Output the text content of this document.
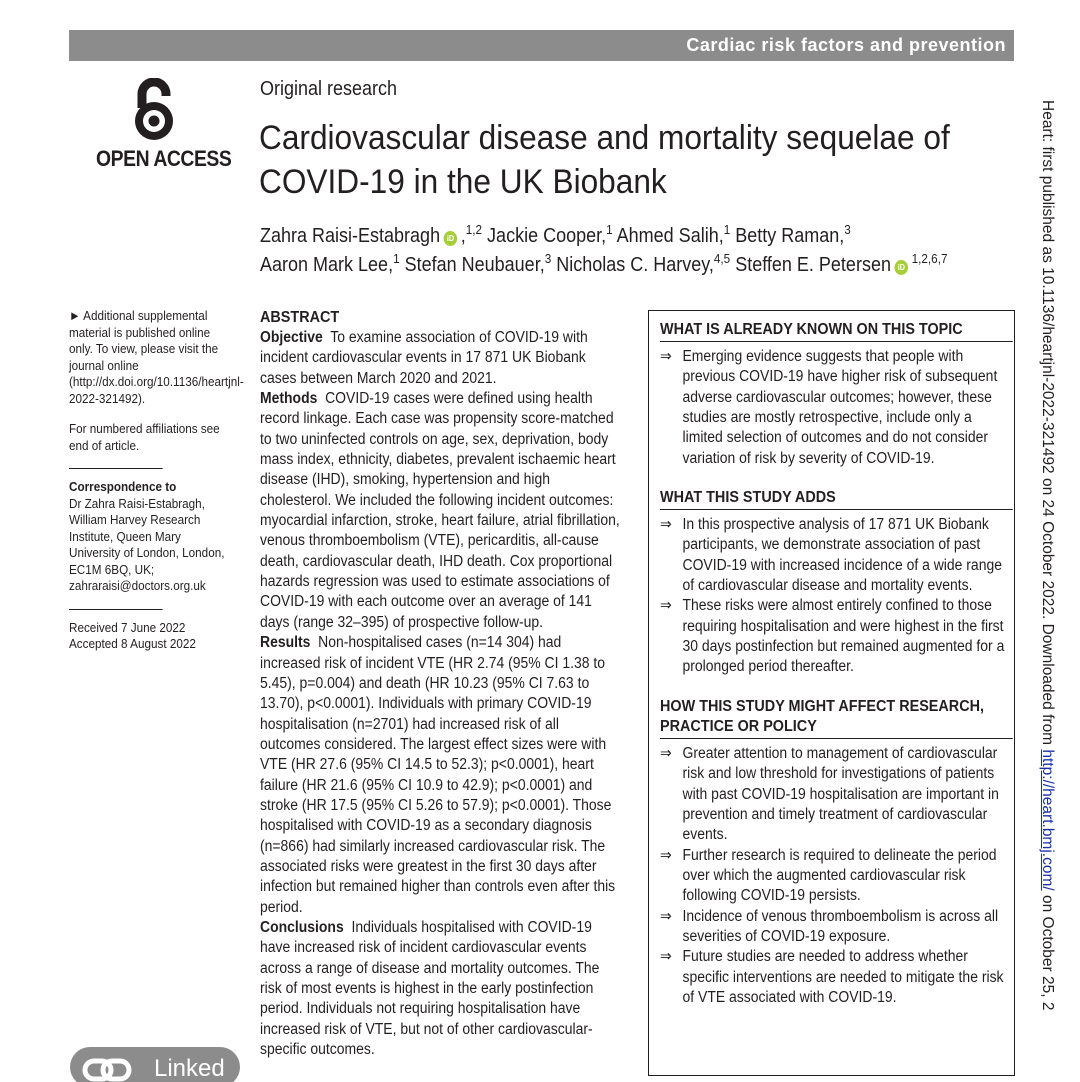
Cardiac risk factors and prevention
OPEN ACCESS
Original research
Cardiovascular disease and mortality sequelae of
COVID-19 in the UK Biobank
Zahra Raisi-Estabragh iD ,$^{1,2}$ Jackie Cooper,$^1$ Ahmed Salih,$^1$ Betty Raman,$^3$
Aaron Mark Lee,$^1$ Stefan Neubauer,$^3$ Nicholas C. Harvey,$^{4,5}$ Steffen E. Petersen iD$^{1,2,6,7}$

► Additional supplemental material is published online only. To view, please visit the journal online (http://dx.doi.org/10.1136/heartjnl-2022-321492).

For numbered affiliations see end of article.

Correspondence to

Dr Zahra Raisi-Estabragh, William Harvey Research Institute, Queen Mary University of London, London, EC1M 6BQ, UK; zahraraisi@doctors.org.uk

Received 7 June 2022
Accepted 8 August 2022
ABSTRACT
Objective  To examine association of COVID-19 with incident cardiovascular events in 17 871 UK Biobank cases between March 2020 and 2021.
Methods  COVID-19 cases were defined using health record linkage. Each case was propensity score-matched to two uninfected controls on age, sex, deprivation, body mass index, ethnicity, diabetes, prevalent ischaemic heart disease (IHD), smoking, hypertension and high cholesterol. We included the following incident outcomes: myocardial infarction, stroke, heart failure, atrial fibrillation, venous thromboembolism (VTE), pericarditis, all-cause death, cardiovascular death, IHD death. Cox proportional hazards regression was used to estimate associations of COVID-19 with each outcome over an average of 141 days (range 32–395) of prospective follow-up.
Results  Non-hospitalised cases (n=14 304) had increased risk of incident VTE (HR 2.74 (95% CI 1.38 to 5.45), p=0.004) and death (HR 10.23 (95% CI 7.63 to 13.70), p<0.0001). Individuals with primary COVID-19 hospitalisation (n=2701) had increased risk of all outcomes considered. The largest effect sizes were with VTE (HR 27.6 (95% CI 14.5 to 52.3); p<0.0001), heart failure (HR 21.6 (95% CI 10.9 to 42.9); p<0.0001) and stroke (HR 17.5 (95% CI 5.26 to 57.9); p<0.0001). Those hospitalised with COVID-19 as a secondary diagnosis (n=866) had similarly increased cardiovascular risk. The associated risks were greatest in the first 30 days after infection but remained higher than controls even after this period.
Conclusions  Individuals hospitalised with COVID-19 have increased risk of incident cardiovascular events across a range of disease and mortality outcomes. The risk of most events is highest in the early postinfection period. Individuals not requiring hospitalisation have increased risk of VTE, but not of other cardiovascular-specific outcomes.
WHAT IS ALREADY KNOWN ON THIS TOPIC
⇒ Emerging evidence suggests that people with previous COVID-19 have higher risk of subsequent adverse cardiovascular outcomes; however, these studies are mostly retrospective, include only a limited selection of outcomes and do not consider variation of risk by severity of COVID-19.
WHAT THIS STUDY ADDS
⇒ In this prospective analysis of 17 871 UK Biobank participants, we demonstrate association of past COVID-19 with increased incidence of a wide range of cardiovascular disease and mortality events.
⇒ These risks were almost entirely confined to those requiring hospitalisation and were highest in the first 30 days postinfection but remained augmented for a prolonged period thereafter.
HOW THIS STUDY MIGHT AFFECT RESEARCH, PRACTICE OR POLICY
⇒ Greater attention to management of cardiovascular risk and low threshold for investigations of patients with past COVID-19 hospitalisation are important in prevention and timely treatment of cardiovascular events.
⇒ Further research is required to delineate the period over which the augmented cardiovascular risk following COVID-19 persists.
⇒ Incidence of venous thromboembolism is across all severities of COVID-19 exposure.
⇒ Future studies are needed to address whether specific interventions are needed to mitigate the risk of VTE associated with COVID-19.
Heart: first published as 10.1136/heartjnl-2022-321492 on 24 October 2022. Downloaded from http://heart.bmj.com/ on October 25, 2
Linked
